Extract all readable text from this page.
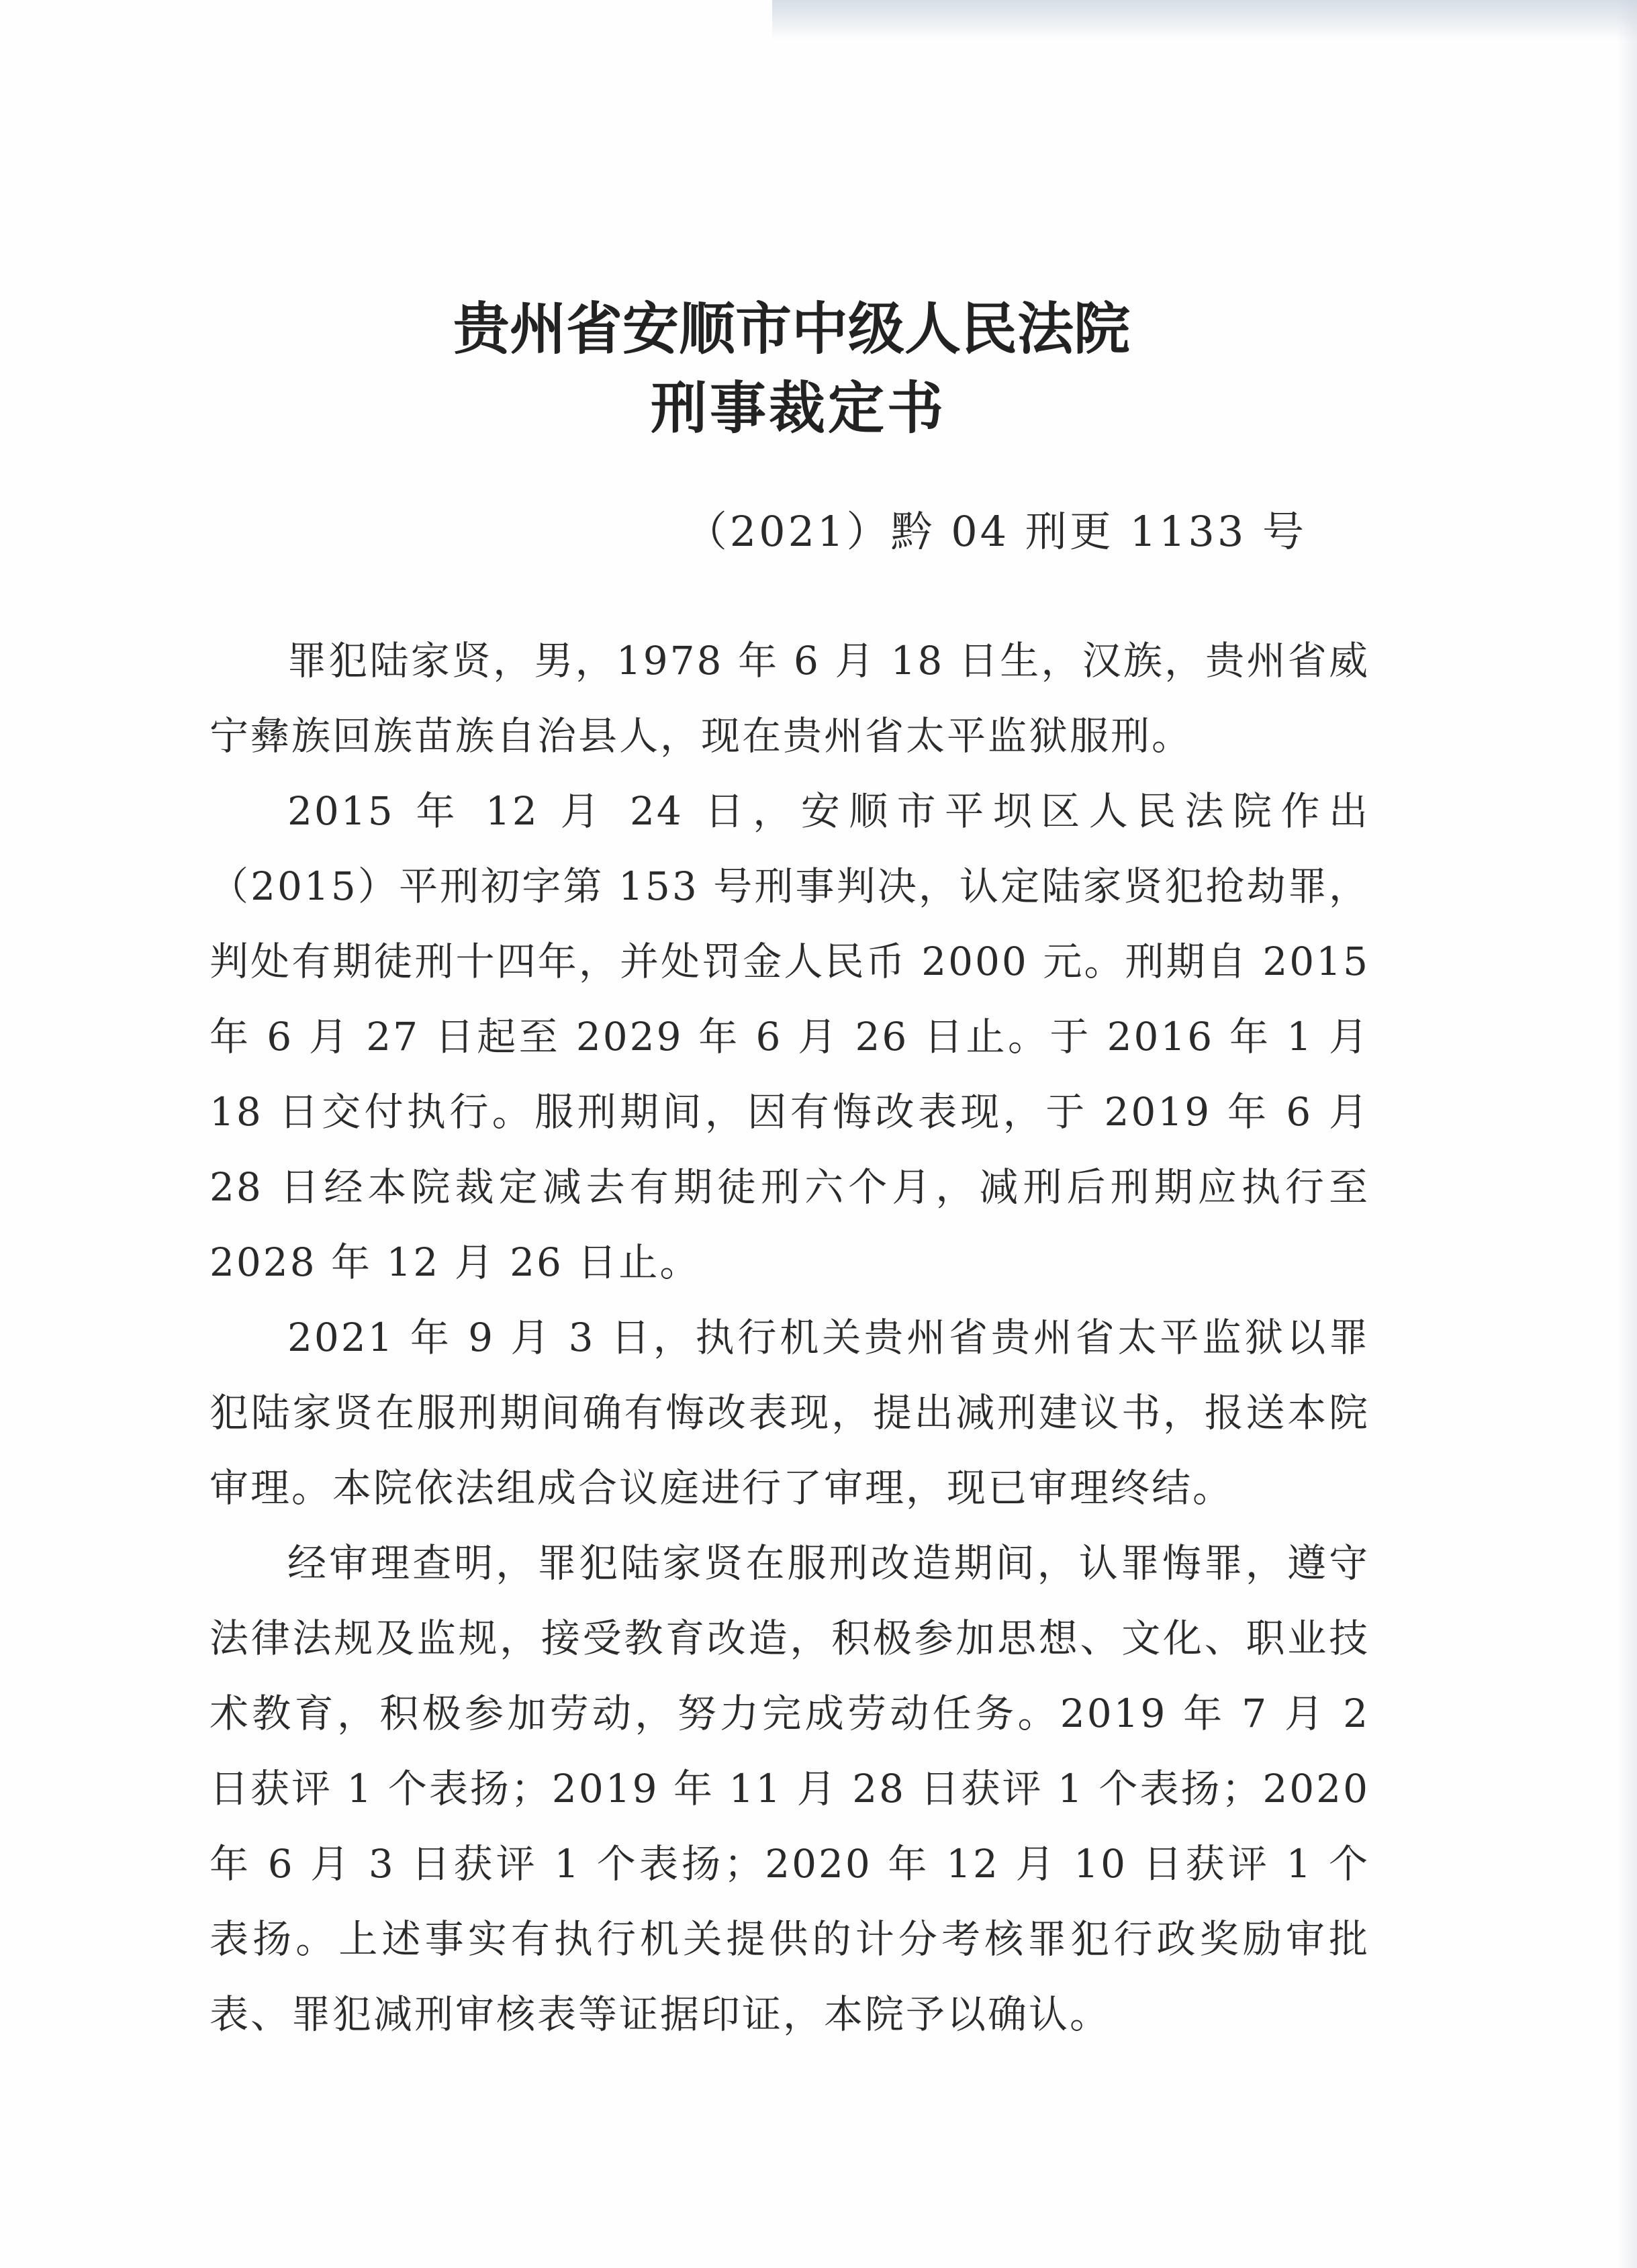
贵州省安顺市中级人民法院
刑事裁定书
（2021）黔 04 刑更 1133 号

罪犯陆家贤，男，1978 年 6 月 18 日生，汉族，贵州省威宁彝族回族苗族自治县人，现在贵州省太平监狱服刑。

2015 年 12 月 24 日，安顺市平坝区人民法院作出（2015）平刑初字第 153 号刑事判决，认定陆家贤犯抢劫罪，判处有期徒刑十四年，并处罚金人民币 2000 元。刑期自 2015 年 6 月 27 日起至 2029 年 6 月 26 日止。于 2016 年 1 月 18 日交付执行。服刑期间，因有悔改表现，于 2019 年 6 月 28 日经本院裁定减去有期徒刑六个月，减刑后刑期应执行至 2028 年 12 月 26 日止。

2021 年 9 月 3 日，执行机关贵州省贵州省太平监狱以罪犯陆家贤在服刑期间确有悔改表现，提出减刑建议书，报送本院审理。本院依法组成合议庭进行了审理，现已审理终结。

经审理查明，罪犯陆家贤在服刑改造期间，认罪悔罪，遵守法律法规及监规，接受教育改造，积极参加思想、文化、职业技术教育，积极参加劳动，努力完成劳动任务。2019 年 7 月 2 日获评 1 个表扬；2019 年 11 月 28 日获评 1 个表扬；2020 年 6 月 3 日获评 1 个表扬；2020 年 12 月 10 日获评 1 个表扬。上述事实有执行机关提供的计分考核罪犯行政奖励审批表、罪犯减刑审核表等证据印证，本院予以确认。
